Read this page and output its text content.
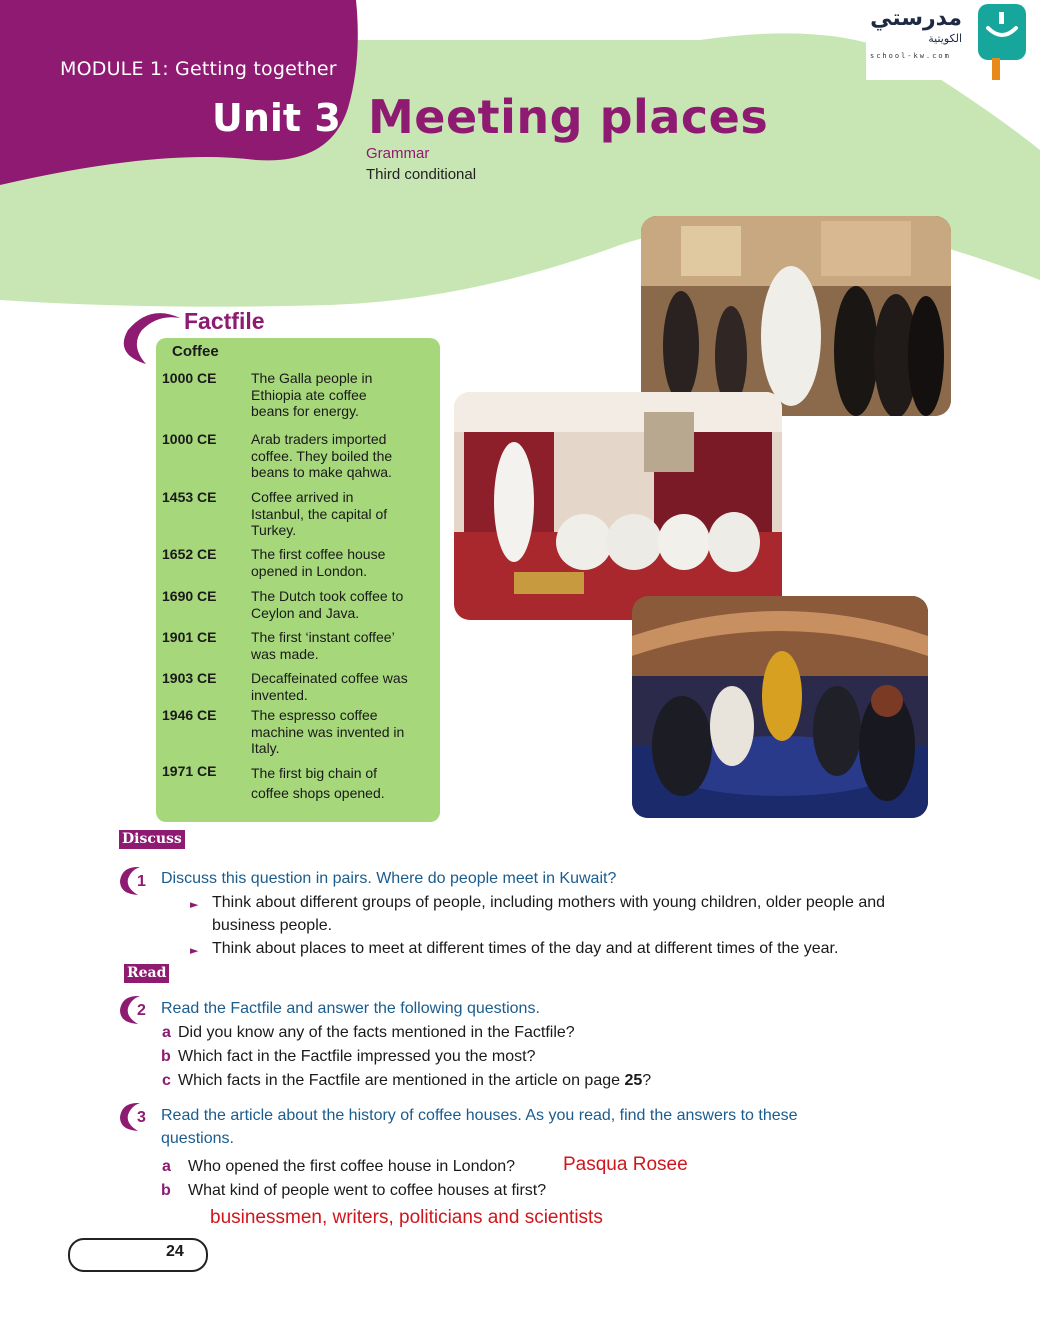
MODULE 1: Getting together
Unit 3 Meeting places
Grammar
Third conditional
مدرستي
الكويتية
school-kw.com
Factfile
Coffee
1000 CE The Galla people in
Ethiopia ate coffee
beans for energy.
1000 CE Arab traders imported
coffee. They boiled the
beans to make qahwa.
1453 CE Coffee arrived in
Istanbul, the capital of
Turkey.
1652 CE The first coffee house
opened in London.
1690 CE The Dutch took coffee to
Ceylon and Java.
1901 CE The first ‘instant coffee’
was made.
1903 CE Decaffeinated coffee was
invented.
1946 CE The espresso coffee
machine was invented in
Italy.
1971 CE The first big chain of
coffee shops opened.
Discuss
1 Discuss this question in pairs. Where do people meet in Kuwait?
► Think about different groups of people, including mothers with young children, older people and business people.
► Think about places to meet at different times of the day and at different times of the year.
Read
2 Read the Factfile and answer the following questions.
a Did you know any of the facts mentioned in the Factfile?
b Which fact in the Factfile impressed you the most?
c Which facts in the Factfile are mentioned in the article on page 25?
3 Read the article about the history of coffee houses. As you read, find the answers to these
questions.
a Who opened the first coffee house in London?	Pasqua Rosee
b What kind of people went to coffee houses at first?
businessmen, writers, politicians and scientists
24
